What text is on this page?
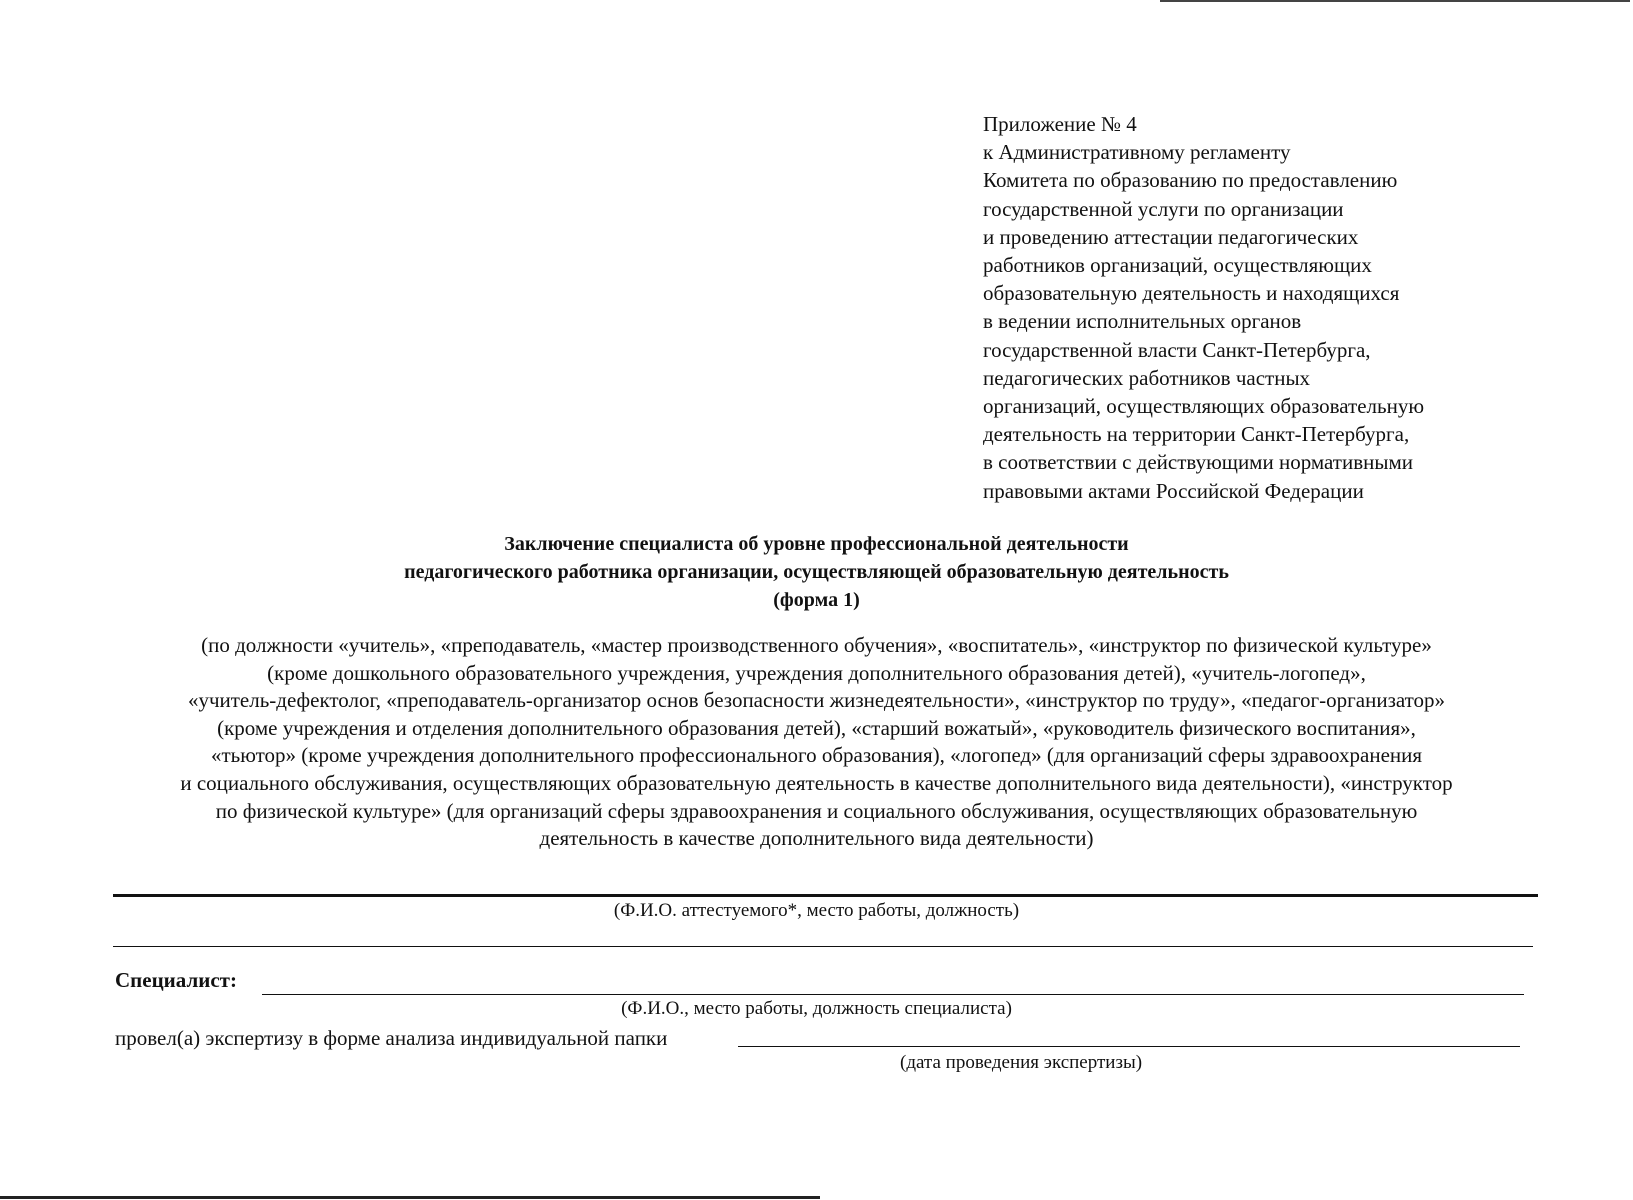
Приложение № 4
к Административному регламенту
Комитета по образованию по предоставлению
государственной услуги по организации
и проведению аттестации педагогических
работников организаций, осуществляющих
образовательную деятельность и находящихся
в ведении исполнительных органов
государственной власти Санкт-Петербурга,
педагогических работников частных
организаций, осуществляющих образовательную
деятельность на территории Санкт-Петербурга,
в соответствии с действующими нормативными
правовыми актами Российской Федерации
Заключение специалиста об уровне профессиональной деятельности
педагогического работника организации, осуществляющей образовательную деятельность
(форма 1)
(по должности «учитель», «преподаватель, «мастер производственного обучения», «воспитатель», «инструктор по физической культуре»
(кроме дошкольного образовательного учреждения, учреждения дополнительного образования детей), «учитель-логопед»,
«учитель-дефектолог, «преподаватель-организатор основ безопасности жизнедеятельности», «инструктор по труду», «педагог-организатор»
(кроме учреждения и отделения дополнительного образования детей), «старший вожатый», «руководитель физического воспитания»,
«тьютор» (кроме учреждения дополнительного профессионального образования), «логопед» (для организаций сферы здравоохранения
и социального обслуживания, осуществляющих образовательную деятельность в качестве дополнительного вида деятельности), «инструктор
по физической культуре» (для организаций сферы здравоохранения и социального обслуживания, осуществляющих образовательную
деятельность в качестве дополнительного вида деятельности)
(Ф.И.О. аттестуемого*, место работы, должность)
Специалист:
(Ф.И.О., место работы, должность специалиста)
провел(а) экспертизу в форме анализа индивидуальной папки
(дата проведения экспертизы)
